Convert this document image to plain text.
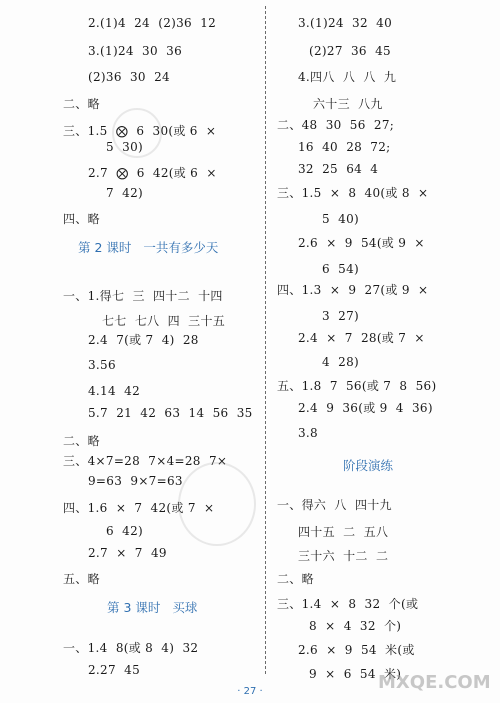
2.(1)4  24  (2)36  12
3.(1)24  30  36
(2)36  30  24
二、略
三、1.5  ⨂  6  30(或 6  ×
5  30)
2.7  ⨂  6  42(或 6  ×
7  42)
四、略
一、1.得七  三  四十二  十四
七七  七八  四  三十五
2.4  7(或 7  4)  28
3.56
4.14  42
5.7  21  42  63  14  56  35
二、略
三、4×7=28  7×4=28  7×
9=63  9×7=63
四、1.6  ×  7  42(或 7  ×
6  42)
2.7  ×  7  49
五、略
一、1.4  8(或 8  4)  32
2.27  45
第 2 课时   一共有多少天
第 3 课时   买球
3.(1)24  32  40
(2)27  36  45
4.四八  八  八  九
六十三  八九
二、48  30  56  27;
16  40  28  72;
32  25  64  4
三、1.5  ×  8  40(或 8  ×
5  40)
2.6  ×  9  54(或 9  ×
6  54)
四、1.3  ×  9  27(或 9  ×
3  27)
2.4  ×  7  28(或 7  ×
4  28)
五、1.8  7  56(或 7  8  56)
2.4  9  36(或 9  4  36)
3.8
一、得六  八  四十九
四十五  二  五八
三十六  十二  二
二、略
三、1.4  ×  8  32  个(或
8  ×  4  32  个)
2.6  ×  9  54  米(或
9  ×  6  54  米)
阶段演练
· 27 ·	MXQE.COM
